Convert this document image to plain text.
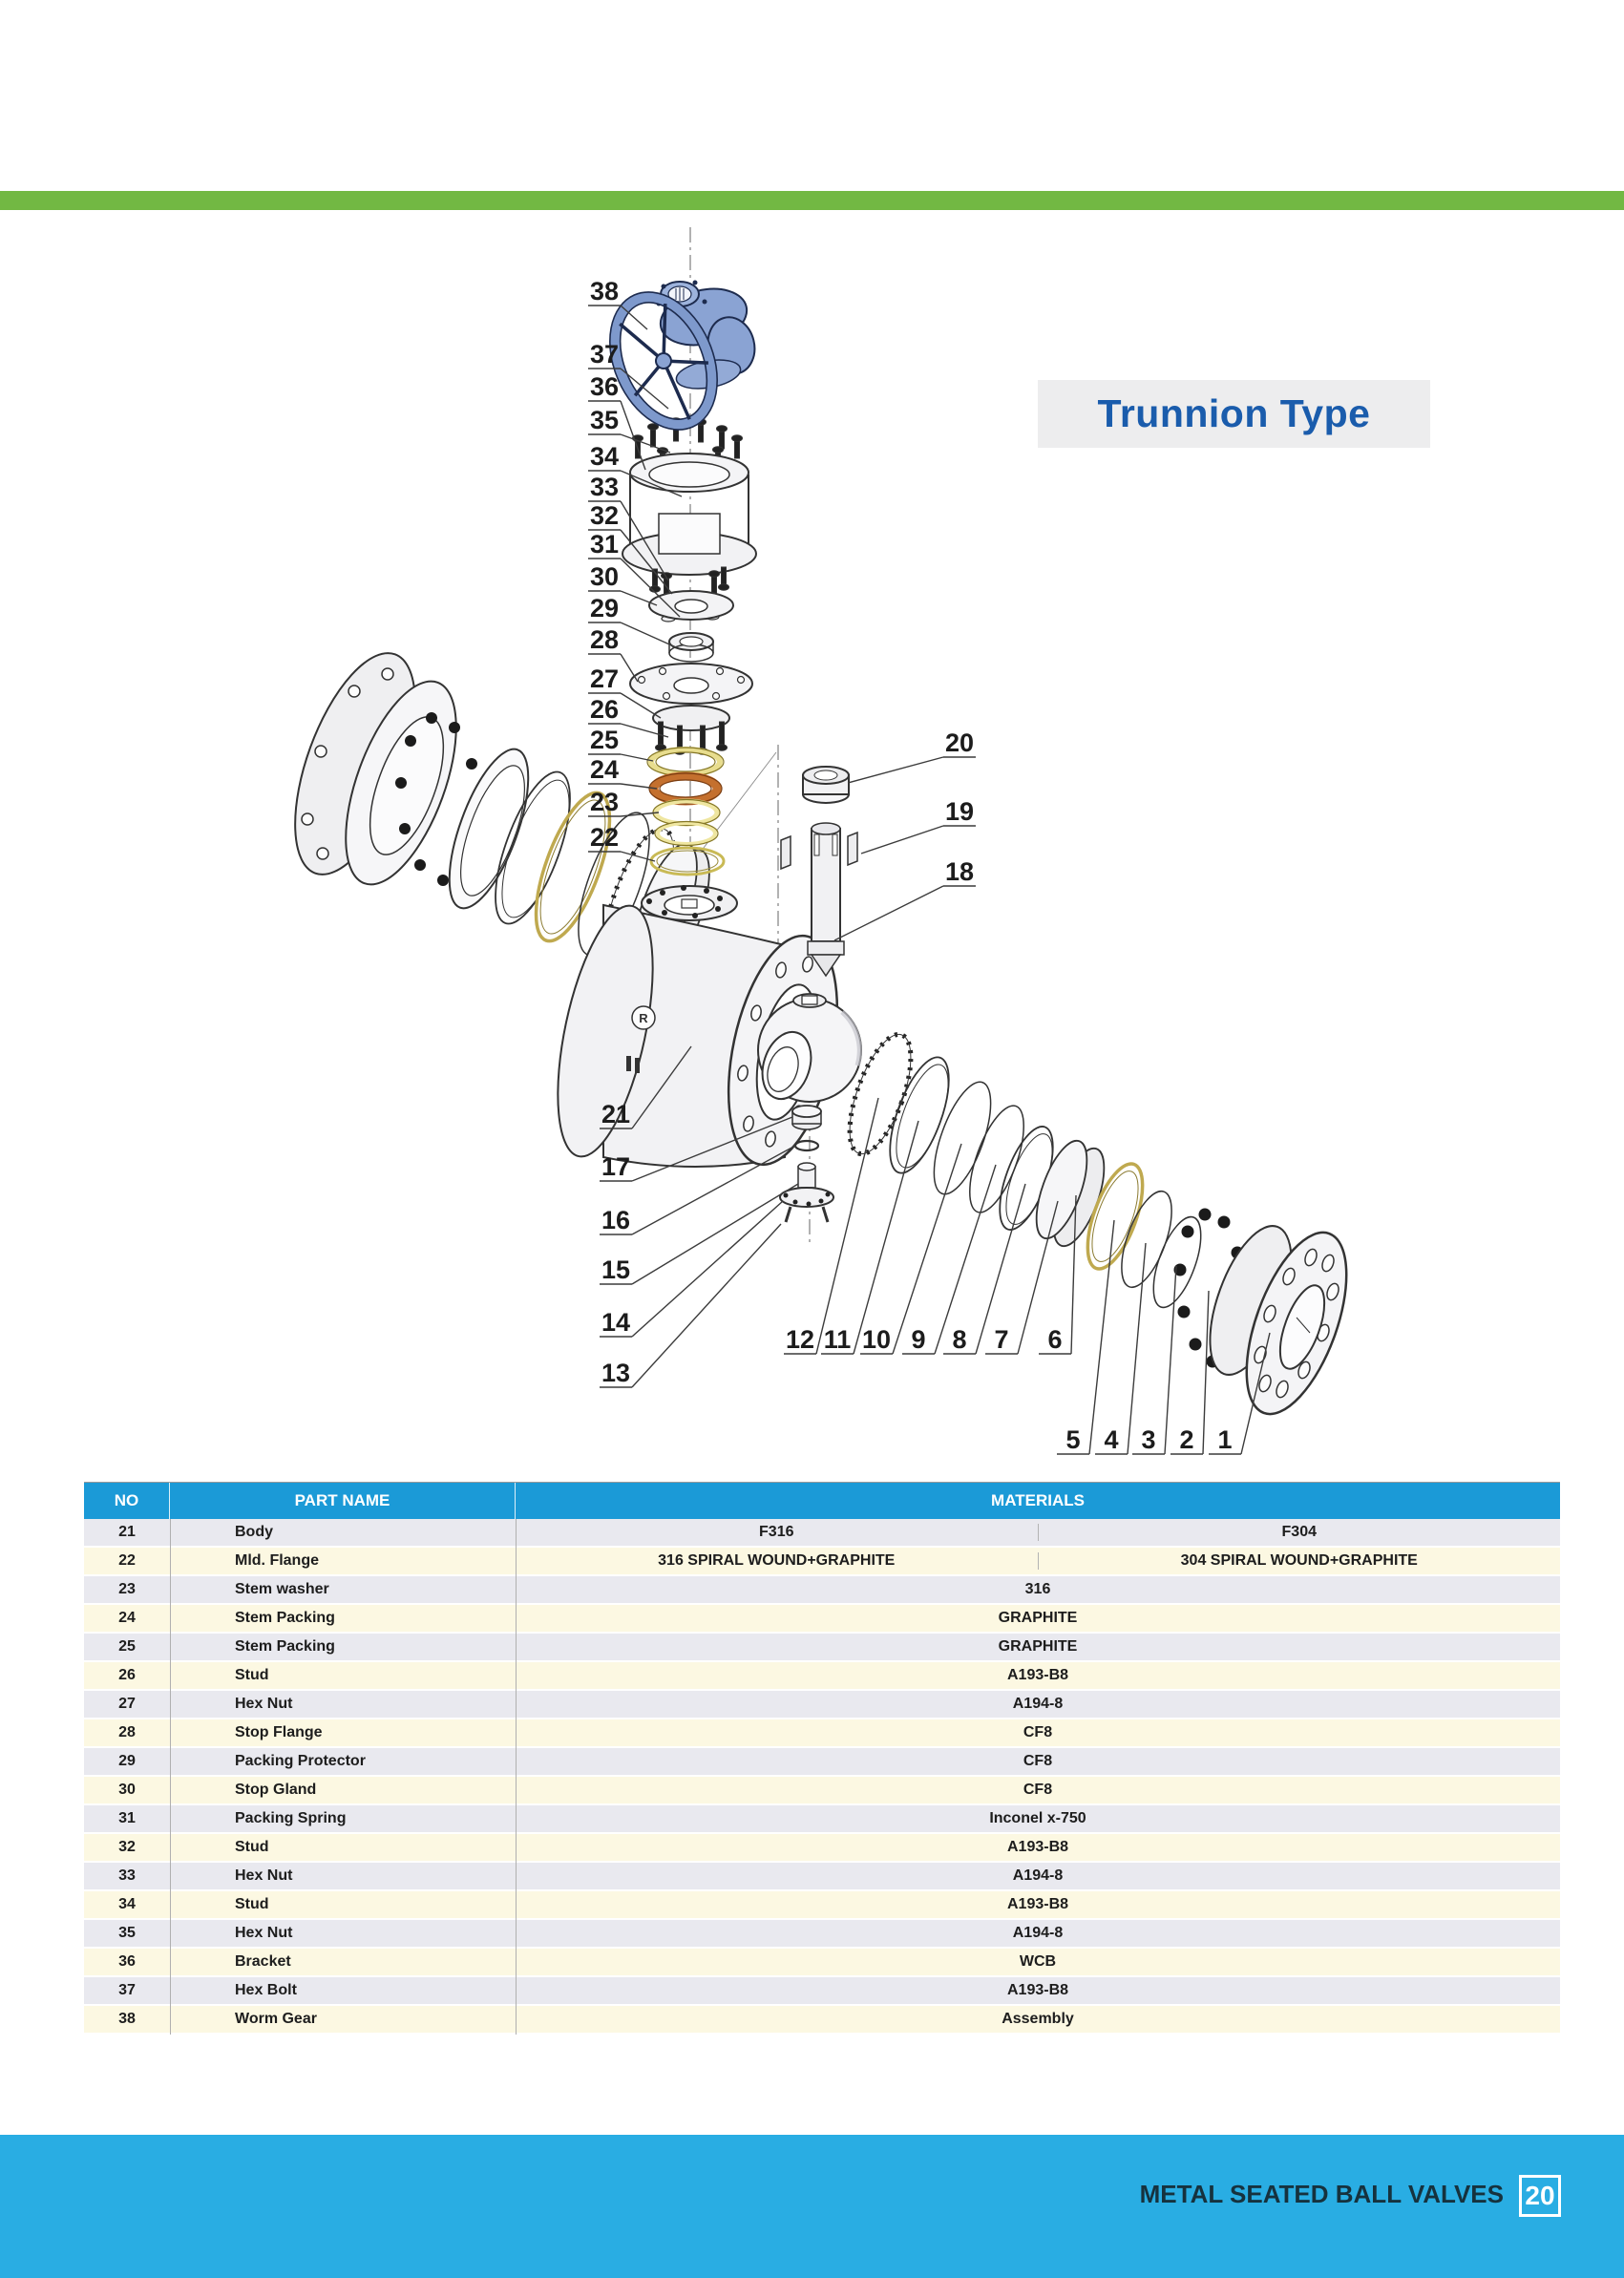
R
38
37
36
35
34
33
32
31
30
29
28
27
26
25
24
23
22
21
17
16
15
14
13
20
19
18
12 11 10 9 8 7 6
5 4 3 2 1
Trunnion Type
NO	PART NAME	MATERIALS
21	Body	F316	F304
22	Mld. Flange	316 SPIRAL WOUND+GRAPHITE	304 SPIRAL WOUND+GRAPHITE
23	Stem washer	316
24	Stem Packing	GRAPHITE
25	Stem Packing	GRAPHITE
26	Stud	A193-B8
27	Hex Nut	A194-8
28	Stop Flange	CF8
29	Packing Protector	CF8
30	Stop Gland	CF8
31	Packing Spring	Inconel x-750
32	Stud	A193-B8
33	Hex Nut	A194-8
34	Stud	A193-B8
35	Hex Nut	A194-8
36	Bracket	WCB
37	Hex Bolt	A193-B8
38	Worm Gear	Assembly
METAL SEATED BALL VALVES 20
